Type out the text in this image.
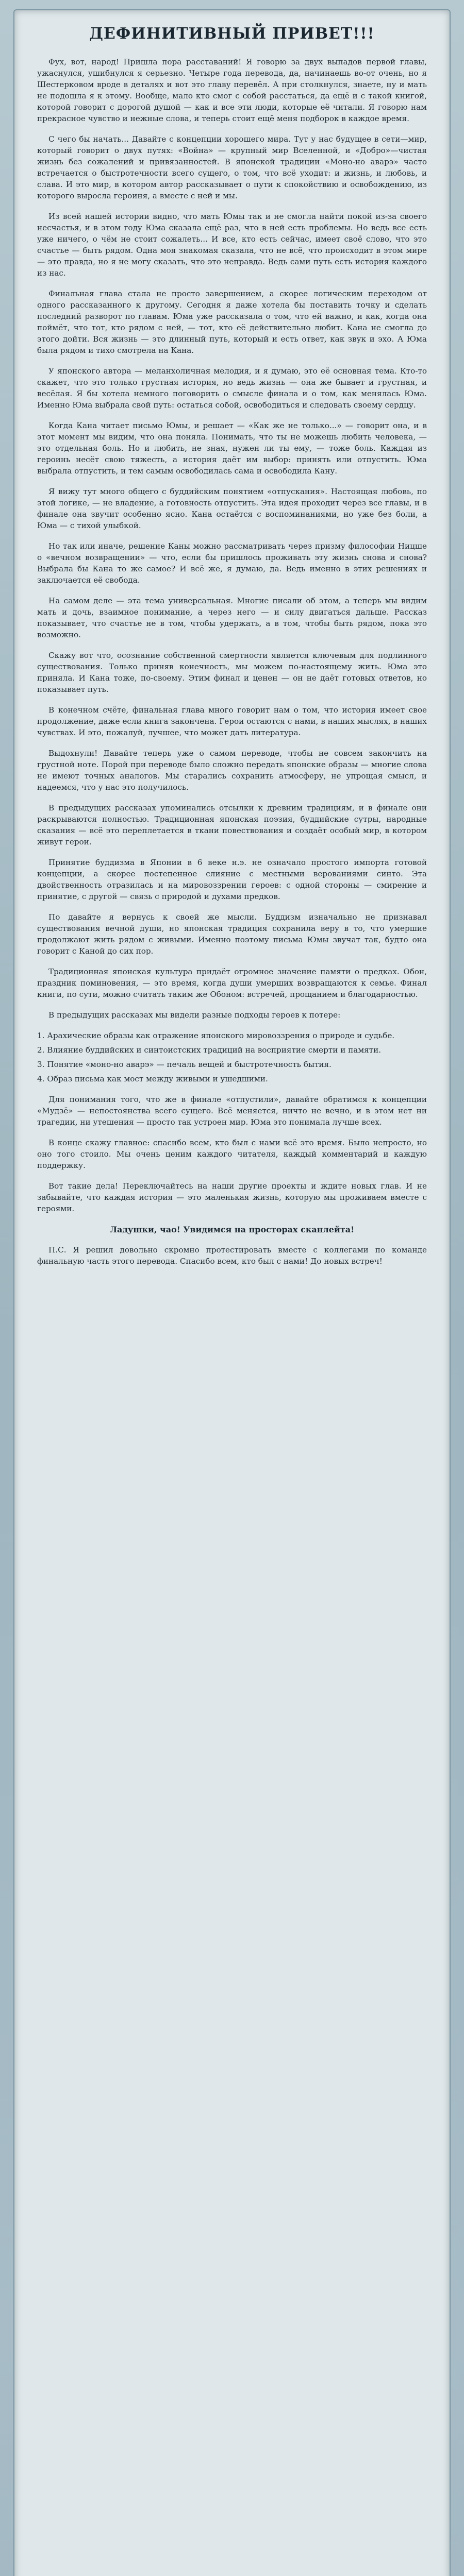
ДЕФИНИТИВНЫЙ ПРИВЕТ!!!

Фух, вот, народ! Пришла пора расставаний! Я говорю за двух выпадов первой главы, ужаснулся, ушибнулся я серьезно. Четыре года перевода, да, начинаешь во-от очень, но я Шестерковом вроде в деталях и вот это главу перевёл. А при столкнулся, знаете, ну и мать не подошла я к этому. Вообще, мало кто смог с собой расстаться, да ещё и с такой книгой, которой говорит с дорогой душой — как и все эти люди, которые её читали. Я говорю нам прекрасное чувство и нежные слова, и теперь стоит ещё меня подборок в каждое время.

С чего бы начать... Давайте с концепции хорошего мира. Тут у нас будущее в сети—мир, который говорит о двух путях: «Война» — крупный мир Вселенной, и «Добро»—чистая жизнь без сожалений и привязанностей. В японской традиции «Моно-но аварэ» часто встречается о быстротечности всего сущего, о том, что всё уходит: и жизнь, и любовь, и слава. И это мир, в котором автор рассказывает о пути к спокойствию и освобождению, из которого выросла героиня, а вместе с ней и мы.

Из всей нашей истории видно, что мать Юмы так и не смогла найти покой из-за своего несчастья, и в этом году Юма сказала ещё раз, что в ней есть проблемы. Но ведь все есть уже ничего, о чём не стоит сожалеть... И все, кто есть сейчас, имеет своё слово, что это счастье — быть рядом. Одна моя знакомая сказала, что не всё, что происходит в этом мире — это правда, но я не могу сказать, что это неправда. Ведь сами путь есть история каждого из нас.

Финальная глава стала не просто завершением, а скорее логическим переходом от одного рассказанного к другому. Сегодня я даже хотела бы поставить точку и сделать последний разворот по главам. Юма уже рассказала о том, что ей важно, и как, когда она поймёт, что тот, кто рядом с ней, — тот, кто её действительно любит. Кана не смогла до этого дойти. Вся жизнь — это длинный путь, который и есть ответ, как звук и эхо. А Юма была рядом и тихо смотрела на Кана.

У японского автора — меланхоличная мелодия, и я думаю, это её основная тема. Кто-то скажет, что это только грустная история, но ведь жизнь — она же бывает и грустная, и весёлая. Я бы хотела немного поговорить о смысле финала и о том, как менялась Юма. Именно Юма выбрала свой путь: остаться собой, освободиться и следовать своему сердцу.

Когда Кана читает письмо Юмы, и решает — «Как же не только...» — говорит она, и в этот момент мы видим, что она поняла. Понимать, что ты не можешь любить человека, — это отдельная боль. Но и любить, не зная, нужен ли ты ему, — тоже боль. Каждая из героинь несёт свою тяжесть, а история даёт им выбор: принять или отпустить. Юма выбрала отпустить, и тем самым освободилась сама и освободила Кану.

Я вижу тут много общего с буддийским понятием «отпускания». Настоящая любовь, по этой логике, — не владение, а готовность отпустить. Эта идея проходит через все главы, и в финале она звучит особенно ясно. Кана остаётся с воспоминаниями, но уже без боли, а Юма — с тихой улыбкой.

Но так или иначе, решение Каны можно рассматривать через призму философии Ницше о «вечном возвращении» — что, если бы пришлось проживать эту жизнь снова и снова? Выбрала бы Кана то же самое? И всё же, я думаю, да. Ведь именно в этих решениях и заключается её свобода.

На самом деле — эта тема универсальная. Многие писали об этом, а теперь мы видим мать и дочь, взаимное понимание, а через него — и силу двигаться дальше. Рассказ показывает, что счастье не в том, чтобы удержать, а в том, чтобы быть рядом, пока это возможно.

Скажу вот что, осознание собственной смертности является ключевым для подлинного существования. Только приняв конечность, мы можем по-настоящему жить. Юма это приняла. И Кана тоже, по-своему. Этим финал и ценен — он не даёт готовых ответов, но показывает путь.

В конечном счёте, финальная глава много говорит нам о том, что история имеет свое продолжение, даже если книга закончена. Герои остаются с нами, в наших мыслях, в наших чувствах. И это, пожалуй, лучшее, что может дать литература.

Выдохнули! Давайте теперь уже о самом переводе, чтобы не совсем закончить на грустной ноте. Порой при переводе было сложно передать японские образы — многие слова не имеют точных аналогов. Мы старались сохранить атмосферу, не упрощая смысл, и надеемся, что у нас это получилось.

В предыдущих рассказах упоминались отсылки к древним традициям, и в финале они раскрываются полностью. Традиционная японская поэзия, буддийские сутры, народные сказания — всё это переплетается в ткани повествования и создаёт особый мир, в котором живут герои.

Принятие буддизма в Японии в 6 веке н.э. не означало простого импорта готовой концепции, а скорее постепенное слияние с местными верованиями синто. Эта двойственность отразилась и на мировоззрении героев: с одной стороны — смирение и принятие, с другой — связь с природой и духами предков.

По давайте я вернусь к своей же мысли. Буддизм изначально не признавал существования вечной души, но японская традиция сохранила веру в то, что умершие продолжают жить рядом с живыми. Именно поэтому письма Юмы звучат так, будто она говорит с Каной до сих пор.

Традиционная японская культура придаёт огромное значение памяти о предках. Обон, праздник поминовения, — это время, когда души умерших возвращаются к семье. Финал книги, по сути, можно считать таким же Обоном: встречей, прощанием и благодарностью.

В предыдущих рассказах мы видели разные подходы героев к потере:

1. Арахические образы как отражение японского мировоззрения о природе и судьбе.
2. Влияние буддийских и синтоистских традиций на восприятие смерти и памяти.
3. Понятие «моно-но аварэ» — печаль вещей и быстротечность бытия.
4. Образ письма как мост между живыми и ушедшими.

Для понимания того, что же в финале «отпустили», давайте обратимся к концепции «Мудзё» — непостоянства всего сущего. Всё меняется, ничто не вечно, и в этом нет ни трагедии, ни утешения — просто так устроен мир. Юма это понимала лучше всех.

В конце скажу главное: спасибо всем, кто был с нами всё это время. Было непросто, но оно того стоило. Мы очень ценим каждого читателя, каждый комментарий и каждую поддержку.

Вот такие дела! Переключайтесь на наши другие проекты и ждите новых глав. И не забывайте, что каждая история — это маленькая жизнь, которую мы проживаем вместе с героями.

Ладушки, чао! Увидимся на просторах сканлейта!

П.С. Я решил довольно скромно протестировать вместе с коллегами по команде финальную часть этого перевода. Спасибо всем, кто был с нами! До новых встреч!
